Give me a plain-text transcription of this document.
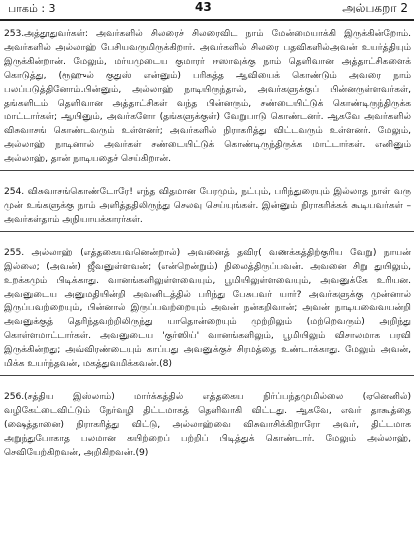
பாகம் : 3	43	அல்பகறா 2

253.அத்தூதுவர்கள்: அவர்களில் சிலரைச் சிலரைவிட நாம் மேன்மையாக்கி இருக்கின்றோம். அவர்களில் அல்லாஹ் பேசியவருமிருக்கிறார். அவர்களில் சிலரை பதவிகளில்அவன் உயர்த்தியும் இருக்கின்றான். மேலும், மர்யமுடைய குமாரர் ஈஸாவுக்கு நாம் தெளிவான அத்தாட்சிகளைக் கொடுத்து, (ரூஹுல் குதுஸ் என்னும்) பரிசுத்த ஆவியைக் கொண்டும் அவரை நாம் பலப்படுத்தினோம்.பின்னும், அல்லாஹ் நாடியிருந்தால், அவர்களுக்குப் பின்னருள்ளவர்கள், தங்களிடம் தெளிவான அத்தாட்சிகள் வந்த பின்னரும், சண்டையிட்டுக் கொண்டிருந்திருக்க மாட்டார்கள்; ஆயினும், அவர்களோ (தங்களுக்குள்) வேறுபாடு கொண்டனர். ஆகவே அவர்களில் விசுவாசங் கொண்டவரும் உள்ளனர்; அவர்களில் நிராகரித்து விட்டவரும் உள்ளனர். மேலும், அல்லாஹ் நாடினால் அவர்கள் சண்டையிட்டுக் கொண்டிருந்திருக்க மாட்டார்கள். எனினும் அல்லாஹ், தான் நாடியதைச் செய்கிறான்.

254. விசுவாசங்கொண்டோரே! எந்த விதமான பேரமும், நட்பும், பரிந்துரையும் இல்லாத நாள் வரு முன் உங்களுக்கு நாம் அளித்ததிலிருந்து செலவு செய்யுங்கள். இன்னும் நிராகரிக்கக் கூடியவர்கள் – அவர்கள்தாம் அநியாயக்காரர்கள்.

255. அல்லாஹ் (எத்தகையவனென்றால்) அவனைத் தவிர( வணக்கத்திற்குரிய வேறு) நாயன் இல்லை; (அவன்) ஜீவனுள்ளவன்; (என்றென்றும்) நிலைத்திருப்பவன். அவனை சிறு துயிலும், உறக்கமும் பிடிக்காது. வானங்களிலுள்ளவையும், பூமியிலுள்ளவையும், அவனுக்கே உரியன. அவனுடைய அனுமதியின்றி அவனிடத்தில் பரிந்து பேசுபவர் யார்? அவர்களுக்கு முன்னால் இருப்பவற்றையும், பின்னால் இருப்பவற்றையும் அவன் நன்கறிவான்; அவன் நாடியவைவயன்றி அவனுக்குத் தெரிந்தவற்றிலிருந்து யாதொன்றையும் முற்றிலும் (மற்றெவரும்) அறிந்து கொள்ளமாட்டார்கள். அவனுடைய 'குர்ஸிய்' வானங்களிலும், பூமியிலும் விசாலமாக பரவி இருக்கின்றது; அவ்விரண்டையும் காப்பது அவனுக்குச் சிரமத்தை உண்டாக்காது. மேலும் அவன், மிக்க உயர்ந்தவன், மகத்துவமிக்கவன்.(8)

256.(சத்திய இஸ்லாம்) மார்க்கத்தில் எத்தகைய நிர்ப்பந்தமுமில்லை (ஏனெனில்) வழிகேட்டைவிட்டும் நேர்வழி திட்டமாகத் தெளிவாகி விட்டது. ஆகவே, எவர் தாகூத்தை (ஷைத்தானை) நிராகரித்து விட்டு, அல்லாஹ்வை விசுவாசிக்கிறாரோ அவர், திட்டமாக அறுந்துபோகாத பலமான கயிற்றைப் பற்றிப் பிடித்துக் கொண்டார். மேலும் அல்லாஹ், செவியேற்கிறவன், அறிகிறவன்.(9)
